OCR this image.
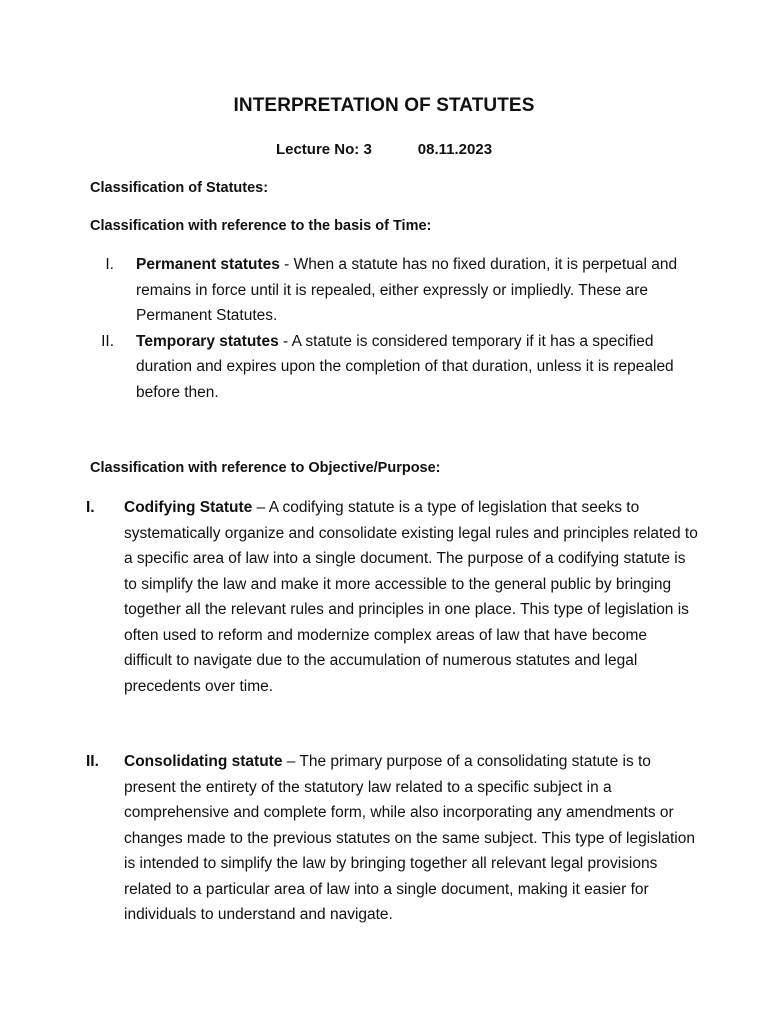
INTERPRETATION OF STATUTES
Lecture No: 3	08.11.2023
Classification of Statutes:
Classification with reference to the basis of Time:
I. Permanent statutes - When a statute has no fixed duration, it is perpetual and remains in force until it is repealed, either expressly or impliedly. These are Permanent Statutes.
II. Temporary statutes - A statute is considered temporary if it has a specified duration and expires upon the completion of that duration, unless it is repealed before then.
Classification with reference to Objective/Purpose:
I.	Codifying Statute – A codifying statute is a type of legislation that seeks to systematically organize and consolidate existing legal rules and principles related to a specific area of law into a single document. The purpose of a codifying statute is to simplify the law and make it more accessible to the general public by bringing together all the relevant rules and principles in one place. This type of legislation is often used to reform and modernize complex areas of law that have become difficult to navigate due to the accumulation of numerous statutes and legal precedents over time.
II.	Consolidating statute – The primary purpose of a consolidating statute is to present the entirety of the statutory law related to a specific subject in a comprehensive and complete form, while also incorporating any amendments or changes made to the previous statutes on the same subject. This type of legislation is intended to simplify the law by bringing together all relevant legal provisions related to a particular area of law into a single document, making it easier for individuals to understand and navigate.
